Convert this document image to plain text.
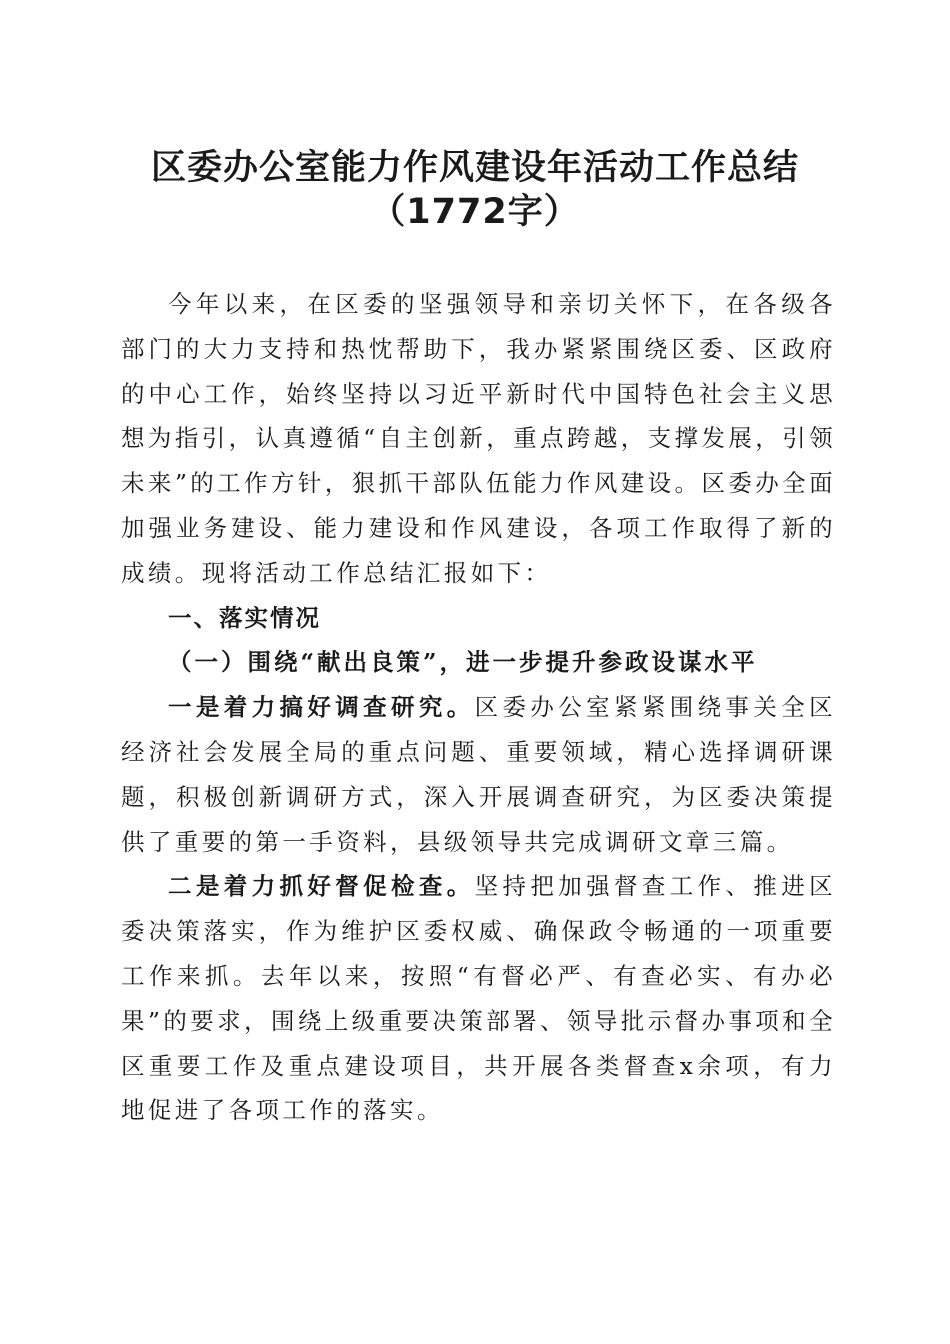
区委办公室能力作风建设年活动工作总结
（1772字）

今年以来，在区委的坚强领导和亲切关怀下，在各级各部门的大力支持和热忱帮助下，我办紧紧围绕区委、区政府的中心工作，始终坚持以习近平新时代中国特色社会主义思想为指引，认真遵循“自主创新，重点跨越，支撑发展，引领未来”的工作方针，狠抓干部队伍能力作风建设。区委办全面加强业务建设、能力建设和作风建设，各项工作取得了新的成绩。现将活动工作总结汇报如下：

一、落实情况

（一）围绕“献出良策”，进一步提升参政设谋水平

一是着力搞好调查研究。区委办公室紧紧围绕事关全区经济社会发展全局的重点问题、重要领域，精心选择调研课题，积极创新调研方式，深入开展调查研究，为区委决策提供了重要的第一手资料，县级领导共完成调研文章三篇。

二是着力抓好督促检查。坚持把加强督查工作、推进区委决策落实，作为维护区委权威、确保政令畅通的一项重要工作来抓。去年以来，按照“有督必严、有查必实、有办必果”的要求，围绕上级重要决策部署、领导批示督办事项和全区重要工作及重点建设项目，共开展各类督查x余项，有力地促进了各项工作的落实。
